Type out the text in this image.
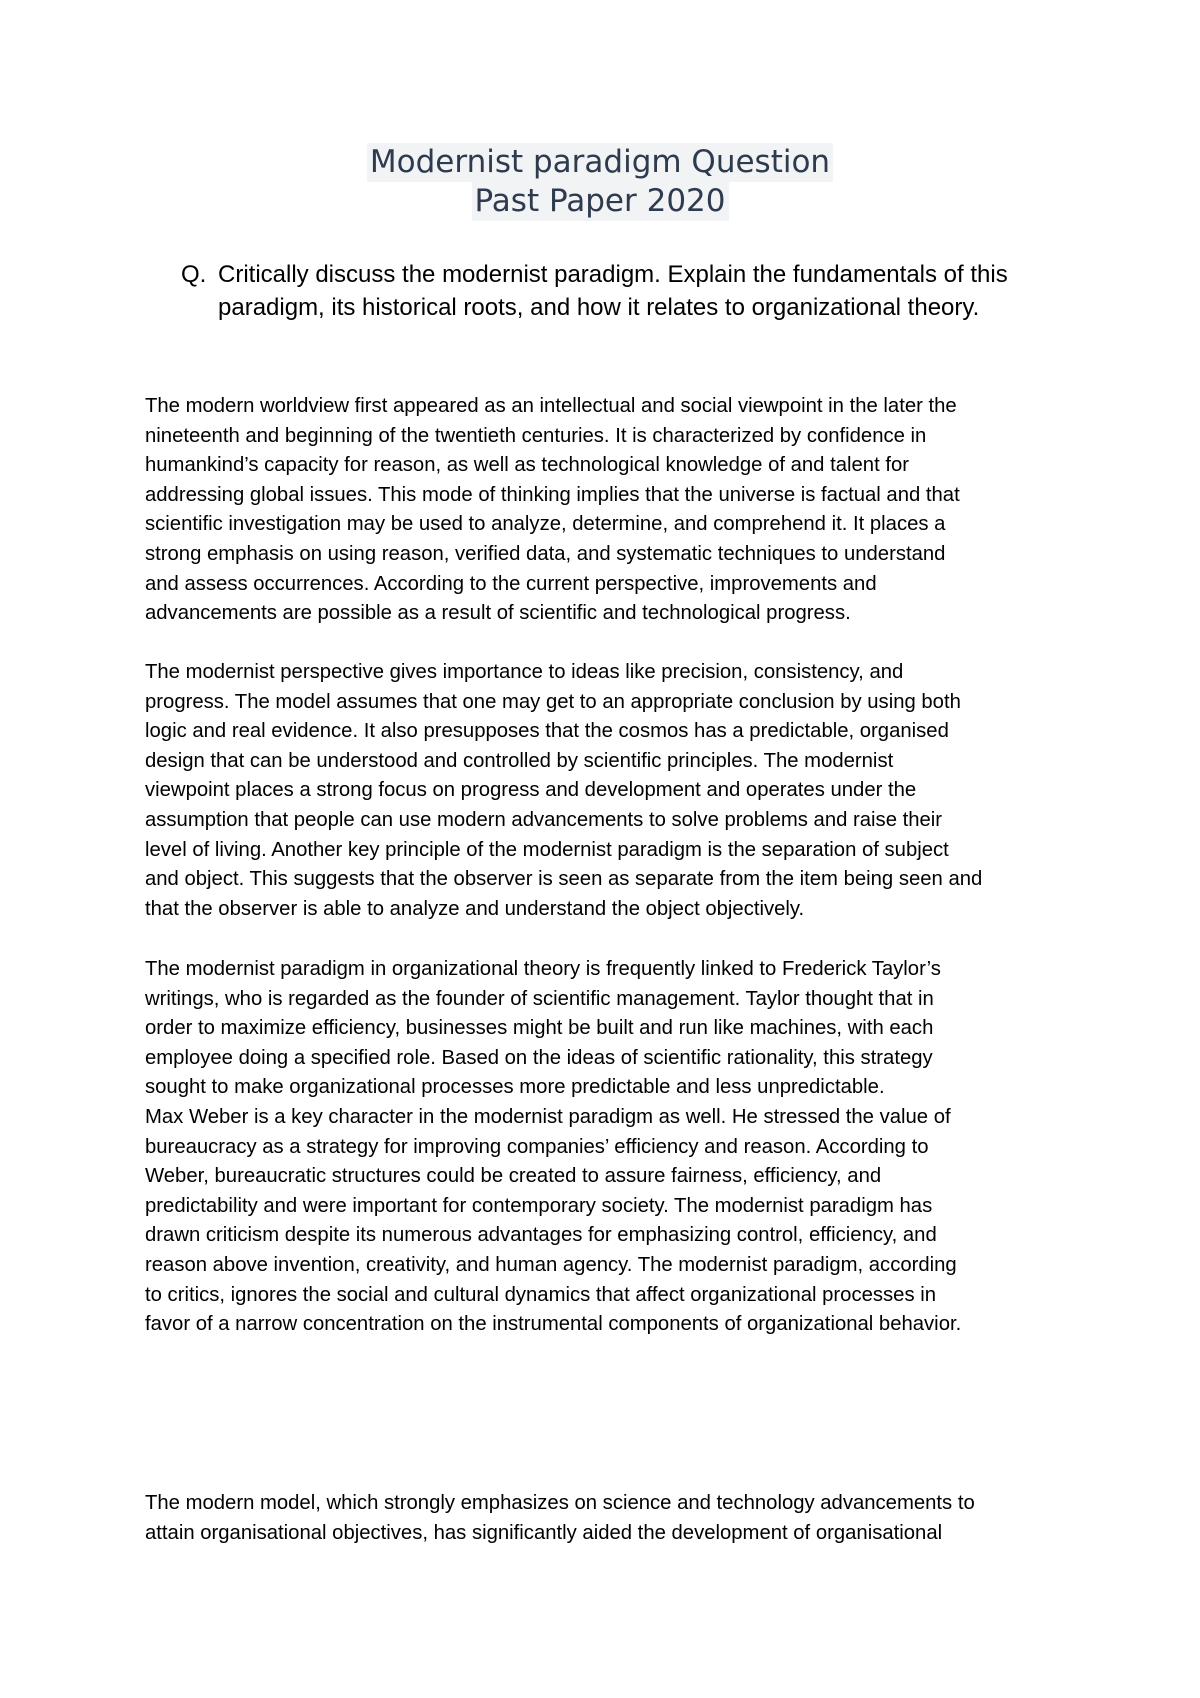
Modernist paradigm Question
Past Paper 2020
Q. Critically discuss the modernist paradigm. Explain the fundamentals of this paradigm, its historical roots, and how it relates to organizational theory.

The modern worldview first appeared as an intellectual and social viewpoint in the later the
nineteenth and beginning of the twentieth centuries. It is characterized by confidence in
humankind’s capacity for reason, as well as technological knowledge of and talent for
addressing global issues. This mode of thinking implies that the universe is factual and that
scientific investigation may be used to analyze, determine, and comprehend it. It places a
strong emphasis on using reason, verified data, and systematic techniques to understand
and assess occurrences. According to the current perspective, improvements and
advancements are possible as a result of scientific and technological progress.

The modernist perspective gives importance to ideas like precision, consistency, and
progress. The model assumes that one may get to an appropriate conclusion by using both
logic and real evidence. It also presupposes that the cosmos has a predictable, organised
design that can be understood and controlled by scientific principles. The modernist
viewpoint places a strong focus on progress and development and operates under the
assumption that people can use modern advancements to solve problems and raise their
level of living. Another key principle of the modernist paradigm is the separation of subject
and object. This suggests that the observer is seen as separate from the item being seen and
that the observer is able to analyze and understand the object objectively.

The modernist paradigm in organizational theory is frequently linked to Frederick Taylor’s
writings, who is regarded as the founder of scientific management. Taylor thought that in
order to maximize efficiency, businesses might be built and run like machines, with each
employee doing a specified role. Based on the ideas of scientific rationality, this strategy
sought to make organizational processes more predictable and less unpredictable.
Max Weber is a key character in the modernist paradigm as well. He stressed the value of
bureaucracy as a strategy for improving companies’ efficiency and reason. According to
Weber, bureaucratic structures could be created to assure fairness, efficiency, and
predictability and were important for contemporary society. The modernist paradigm has
drawn criticism despite its numerous advantages for emphasizing control, efficiency, and
reason above invention, creativity, and human agency. The modernist paradigm, according
to critics, ignores the social and cultural dynamics that affect organizational processes in
favor of a narrow concentration on the instrumental components of organizational behavior.

The modern model, which strongly emphasizes on science and technology advancements to
attain organisational objectives, has significantly aided the development of organisational
